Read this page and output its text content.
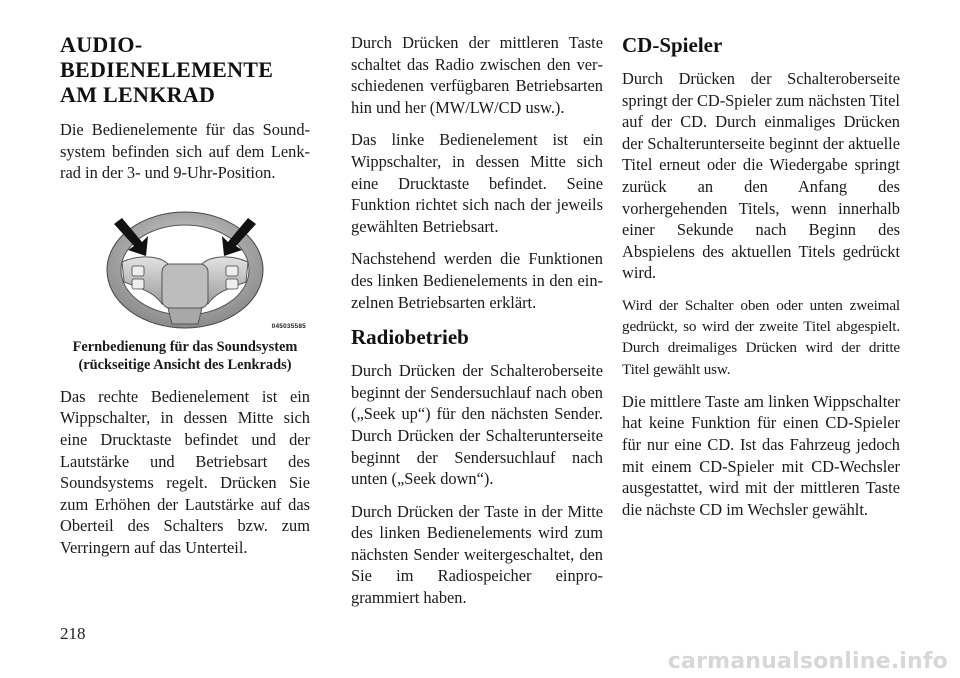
AUDIO-
BEDIENELEMENTE
AM LENKRAD

Die Bedienelemente für das Soundsystem befinden sich auf dem Lenkrad in der 3- und 9-Uhr-Position.

045035585
Fernbedienung für das Soundsystem
(rückseitige Ansicht des Lenkrads)

Das rechte Bedienelement ist ein Wippschalter, in dessen Mitte sich eine Drucktaste befindet und der Lautstärke und Betriebsart des Soundsystems regelt. Drücken Sie zum Erhöhen der Lautstärke auf das Oberteil des Schalters bzw. zum Verringern auf das Unterteil.

Durch Drücken der mittleren Taste schaltet das Radio zwischen den verschiedenen verfügbaren Betriebsarten hin und her (MW/LW/CD usw.).

Das linke Bedienelement ist ein Wippschalter, in dessen Mitte sich eine Drucktaste befindet. Seine Funktion richtet sich nach der jeweils gewählten Betriebsart.

Nachstehend werden die Funktionen des linken Bedienelements in den einzelnen Betriebsarten erklärt.

Radiobetrieb

Durch Drücken der Schalteroberseite beginnt der Sendersuchlauf nach oben („Seek up“) für den nächsten Sender. Durch Drücken der Schalterunterseite beginnt der Sendersuchlauf nach unten („Seek down“).

Durch Drücken der Taste in der Mitte des linken Bedienelements wird zum nächsten Sender weitergeschaltet, den Sie im Radiospeicher einprogrammiert haben.

CD-Spieler

Durch Drücken der Schalteroberseite springt der CD-Spieler zum nächsten Titel auf der CD. Durch einmaliges Drücken der Schalterunterseite beginnt der aktuelle Titel erneut oder die Wiedergabe springt zurück an den Anfang des vorhergehenden Titels, wenn innerhalb einer Sekunde nach Beginn des Abspielens des aktuellen Titels gedrückt wird.

Wird der Schalter oben oder unten zweimal gedrückt, so wird der zweite Titel abgespielt. Durch dreimaliges Drücken wird der dritte Titel gewählt usw.

Die mittlere Taste am linken Wippschalter hat keine Funktion für einen CD-Spieler für nur eine CD. Ist das Fahrzeug jedoch mit einem CD-Spieler mit CD-Wechsler ausgestattet, wird mit der mittleren Taste die nächste CD im Wechsler gewählt.

218
carmanualsonline.info
